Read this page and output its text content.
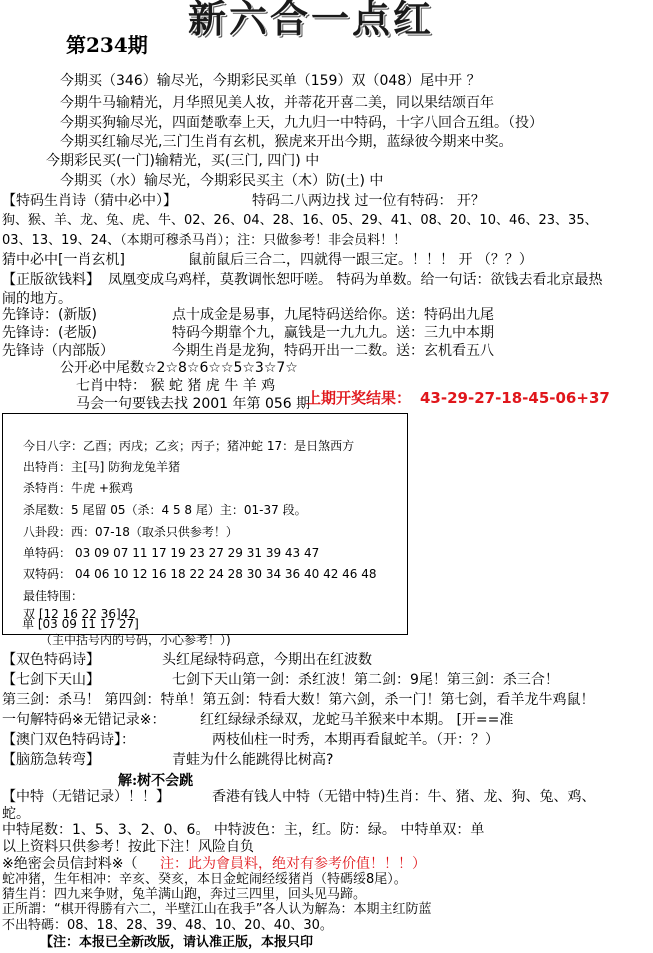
第234期
新六合一点红
今期买（346）输尽光，今期彩民买单（159）双（048）尾中开 ？
今期牛马输精光，月华照见美人妆，并蒂花开喜二美，同以果结颂百年
今期买狗输尽光，四面楚歌奉上天，九九归一中特码，十字八回合五组。（投）
今期买红输尽光,三门生肖有玄机，猴虎来开出今期，蓝绿彼今期来中奖。
今期彩民买(一门)输精光，买(三门, 四门) 中
今期买（水）输尽光，今期彩民买主（木）防(土) 中
【特码生肖诗（猜中必中）】	特码二八两边找 过一位有特码： 开？
狗、猴、羊、龙、兔、虎、牛、02、26、04、28、16、05、29、41、08、20、10、46、23、35、
03、13、19、24、（本期可穆杀马肖）；注：只做参考！非会员料！！
猜中必中[一肖玄机]	鼠前鼠后三合二，四就得一跟三定。！！！ 开 （？？）
【正版欲钱料】 凤凰变成乌鸡样，莫教调怅恕吁嗟。 特码为单数。给一句话：欲钱去看北京最热
闹的地方。
先锋诗：(新版)	点十成金是易事，九尾特码送给你。送：特码出九尾
先锋诗：(老版)	特码今期靠个九，赢钱是一九九九。送：三九中本期
先锋诗（内部版）	今期生肖是龙狗，特码开出一二数。送：玄机看五八
公开必中尾数☆2☆8☆6☆☆5☆3☆7☆
七肖中特： 猴 蛇 猪 虎 牛 羊 鸡
马会一句要钱去找 2001 年第 056 期
上期开奖结果： 43-29-27-18-45-06+37
今日八字：乙酉；丙戌；乙亥；丙子；猪冲蛇 17：是日煞西方
出特肖：主[马] 防狗龙兔羊猪
杀特肖：牛虎 +猴鸡
杀尾数：5 尾留 05（杀：4 5 8 尾）主：01-37 段。
八卦段：西：07-18（取杀只供参考！）
单特码： 03 09 07 11 17 19 23 27 29 31 39 43 47
双特码： 04 06 10 12 16 18 22 24 28 30 34 36 40 42 46 48
最佳特围：
双 [12 16 22 36]42
单 [03 09 11 17 27]
（主中括号内的号码，小心参考！）)
【双色特码诗】	头红尾绿特码意，今期出在红波数
【七剑下天山】	七剑下天山第一剑：杀红波！第二剑：9尾！第三剑：杀三合！
第三剑：杀马！ 第四剑：特单！第五剑：特看大数！第六剑，杀一门！第七剑，看羊龙牛鸡鼠！
一句解特码※无错记录※： 红红绿绿杀绿双，龙蛇马羊猴来中本期。 [开==准
【澳门双色特码诗】：	两枝仙柱一时秀，本期再看鼠蛇羊。（开：？）
【脑筋急转弯】	青蛙为什么能跳得比树高?
解:树不会跳
【中特（无错记录）！！】	香港有钱人中特（无错中特)生肖：牛、猪、龙、狗、兔、鸡、
蛇。
中特尾数：1、5、3、2、0、6。 中特波色：主，红。防：绿。 中特单双：单
以上资料只供参考！按此下注！风险自负
※绝密会员信封料※（ 注：此为會員料，绝对有参考价值！！！）
蛇冲猪，生年相冲：辛亥、癸亥，本日金蛇闹经绥猪肖（特碼绥8尾）。
猜生肖：四九来争财，兔羊满山跑，奔过三四里，回头见马蹄。
正所謂：“棋开得勝有六二，半壁江山在我手”各人认为解為：本期主红防蓝
不出特碼：08、18、28、39、48、10、20、40、30。
【注：本报已全新改版，请认准正版，本报只印
